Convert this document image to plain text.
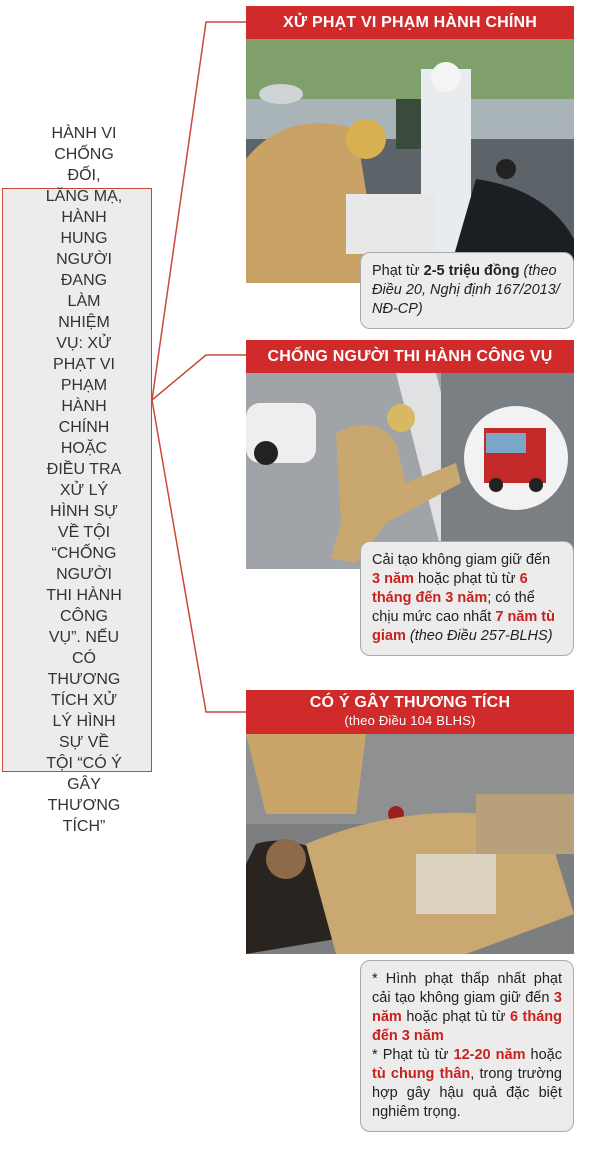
HÀNH VI CHỐNG ĐỐI, LĂNG MẠ, HÀNH HUNG NGƯỜI ĐANG LÀM NHIỆM VỤ: XỬ PHẠT VI PHẠM HÀNH CHÍNH HOẶC ĐIỀU TRA XỬ LÝ HÌNH SỰ VỀ TỘI “CHỐNG NGƯỜI THI HÀNH CÔNG VỤ”. NẾU CÓ THƯƠNG TÍCH XỬ LÝ HÌNH SỰ VỀ TỘI “CÓ Ý GÂY THƯƠNG TÍCH”
XỬ PHẠT VI PHẠM HÀNH CHÍNH
Phạt từ 2-5 triệu đồng (theo Điều 20, Nghị định 167/2013/ NĐ-CP)
CHỐNG NGƯỜI THI HÀNH CÔNG VỤ
Cải tạo không giam giữ đến 3 năm hoặc phạt tù từ 6 tháng đến 3 năm; có thể chịu mức cao nhất 7 năm tù giam (theo Điều 257-BLHS)
CÓ Ý GÂY THƯƠNG TÍCH
(theo Điều 104 BLHS)
* Hình phạt thấp nhất phạt cải tạo không giam giữ đến 3 năm hoặc phạt tù từ 6 tháng đến 3 năm
* Phạt tù từ 12-20 năm hoặc tù chung thân, trong trường hợp gây hậu quả đặc biệt nghiêm trọng.
